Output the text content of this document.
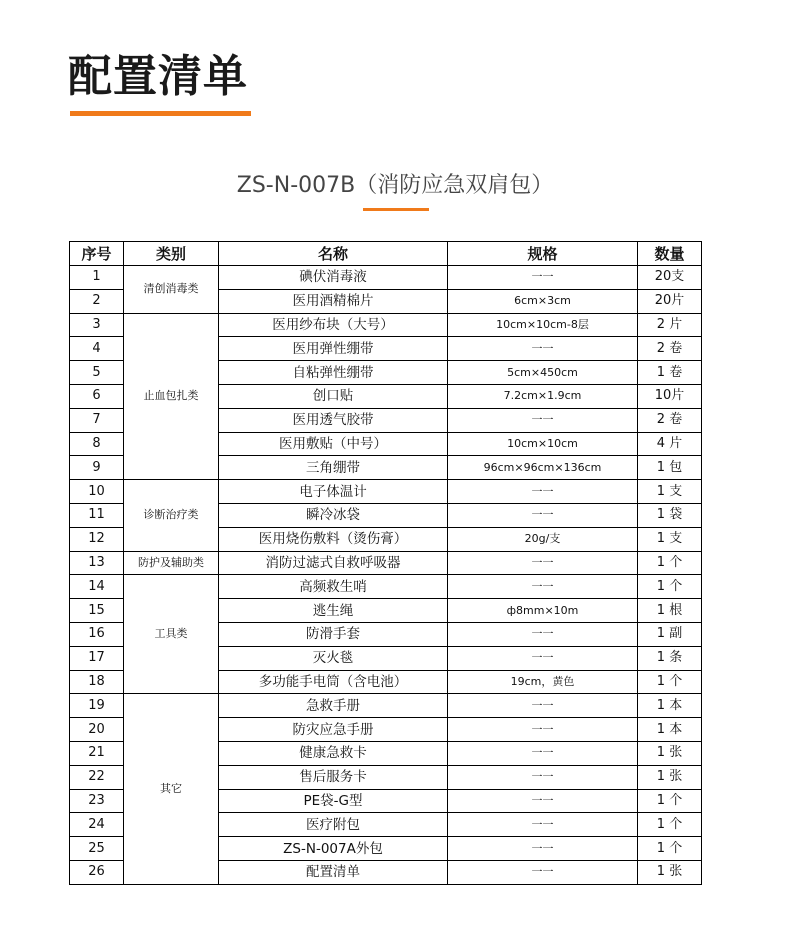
配置清单
ZS-N-007B（消防应急双肩包）
序号	类别	名称	规格	数量
1	清创消毒类	碘伏消毒液	一一	20支
2		医用酒精棉片	6cm×3cm	20片
3	止血包扎类	医用纱布块（大号）	10cm×10cm-8层	2 片
4		医用弹性绷带	一一	2 卷
5		自粘弹性绷带	5cm×450cm	1 卷
6		创口贴	7.2cm×1.9cm	10片
7		医用透气胶带	一一	2 卷
8		医用敷贴（中号）	10cm×10cm	4 片
9		三角绷带	96cm×96cm×136cm	1 包
10	诊断治疗类	电子体温计	一一	1 支
11		瞬冷冰袋	一一	1 袋
12		医用烧伤敷料（烫伤膏）	20g/支	1 支
13	防护及辅助类	消防过滤式自救呼吸器	一一	1 个
14	工具类	高频救生哨	一一	1 个
15		逃生绳	ф8mm×10m	1 根
16		防滑手套	一一	1 副
17		灭火毯	一一	1 条
18		多功能手电筒（含电池）	19cm，黄色	1 个
19	其它	急救手册	一一	1 本
20		防灾应急手册	一一	1 本
21		健康急救卡	一一	1 张
22		售后服务卡	一一	1 张
23		PE袋-G型	一一	1 个
24		医疗附包	一一	1 个
25		ZS-N-007A外包	一一	1 个
26		配置清单	一一	1 张
